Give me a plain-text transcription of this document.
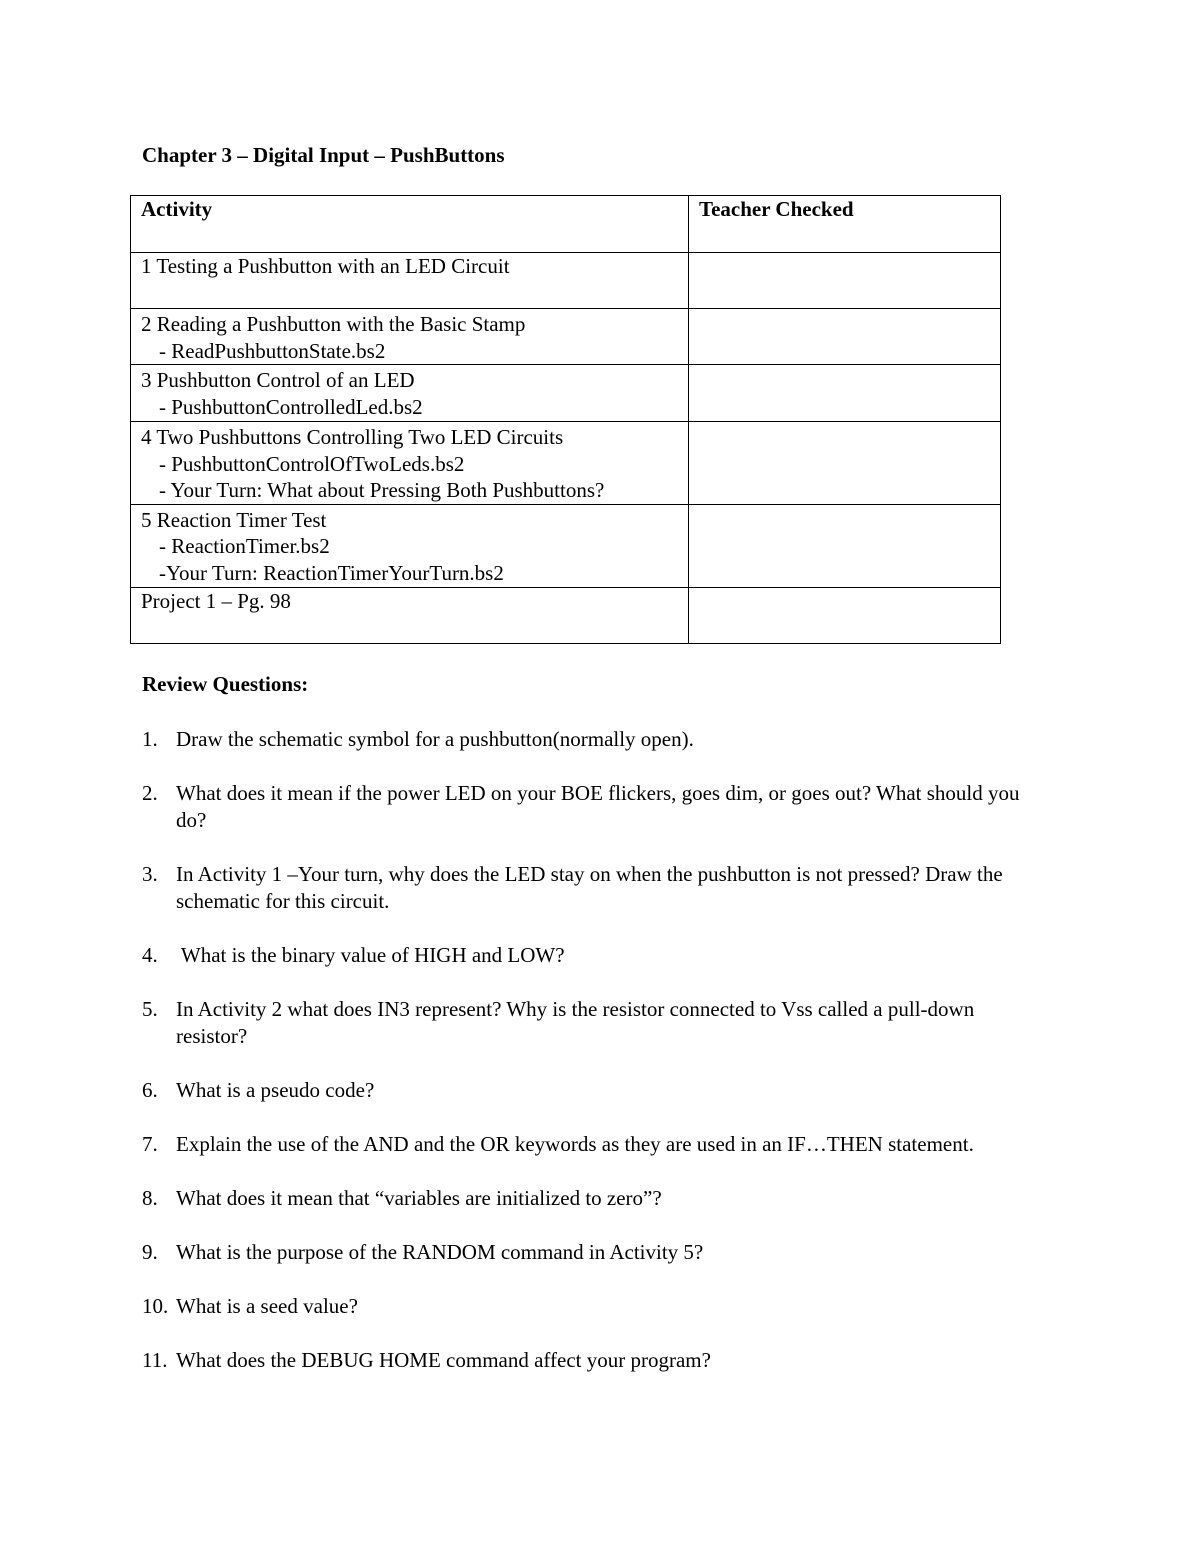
Chapter 3 – Digital Input – PushButtons
Activity	Teacher Checked

1 Testing a Pushbutton with an LED Circuit	

2 Reading a Pushbutton with the Basic Stamp
- ReadPushbuttonState.bs2	

3 Pushbutton Control of an LED
- PushbuttonControlledLed.bs2	

4 Two Pushbuttons Controlling Two LED Circuits
- PushbuttonControlOfTwoLeds.bs2
- Your Turn: What about Pressing Both Pushbuttons?	

5 Reaction Timer Test
- ReactionTimer.bs2
-Your Turn: ReactionTimerYourTurn.bs2	

Project 1 – Pg. 98	

Review Questions:
1. Draw the schematic symbol for a pushbutton(normally open).
2. What does it mean if the power LED on your BOE flickers, goes dim, or goes out? What should you do?
3. In Activity 1 –Your turn, why does the LED stay on when the pushbutton is not pressed? Draw the schematic for this circuit.
4. What is the binary value of HIGH and LOW?
5. In Activity 2 what does IN3 represent? Why is the resistor connected to Vss called a pull-down resistor?
6. What is a pseudo code?
7. Explain the use of the AND and the OR keywords as they are used in an IF…THEN statement.
8. What does it mean that “variables are initialized to zero”?
9. What is the purpose of the RANDOM command in Activity 5?
10. What is a seed value?
11. What does the DEBUG HOME command affect your program?
